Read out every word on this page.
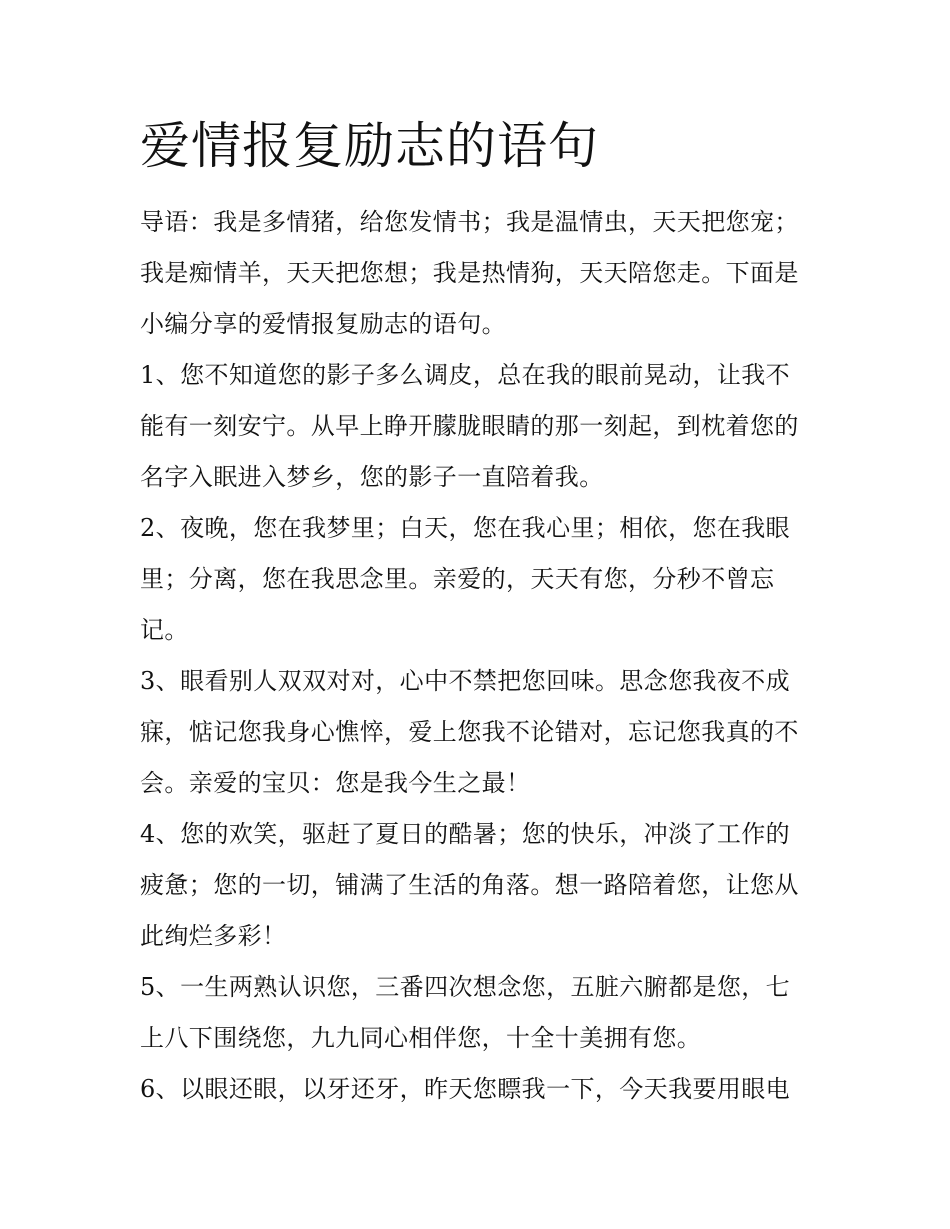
爱情报复励志的语句
导语：我是多情猪，给您发情书；我是温情虫，天天把您宠；
我是痴情羊，天天把您想；我是热情狗，天天陪您走。下面是
小编分享的爱情报复励志的语句。
1、您不知道您的影子多么调皮，总在我的眼前晃动，让我不
能有一刻安宁。从早上睁开朦胧眼睛的那一刻起，到枕着您的
名字入眠进入梦乡，您的影子一直陪着我。
2、夜晚，您在我梦里；白天，您在我心里；相依，您在我眼
里；分离，您在我思念里。亲爱的，天天有您，分秒不曾忘
记。
3、眼看别人双双对对，心中不禁把您回味。思念您我夜不成
寐，惦记您我身心憔悴，爱上您我不论错对，忘记您我真的不
会。亲爱的宝贝：您是我今生之最！
4、您的欢笑，驱赶了夏日的酷暑；您的快乐，冲淡了工作的
疲惫；您的一切，铺满了生活的角落。想一路陪着您，让您从
此绚烂多彩！
5、一生两熟认识您，三番四次想念您，五脏六腑都是您，七
上八下围绕您，九九同心相伴您，十全十美拥有您。
6、以眼还眼，以牙还牙，昨天您瞟我一下，今天我要用眼电
